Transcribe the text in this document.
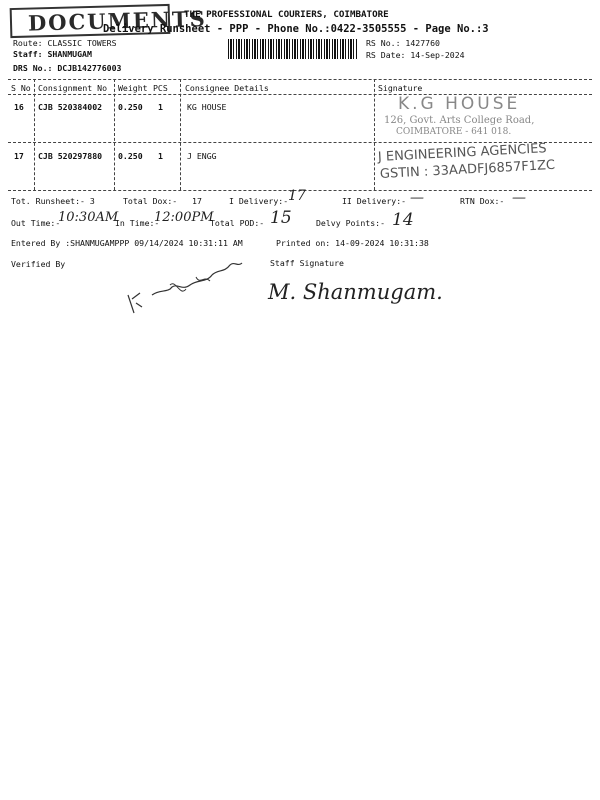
DOCUMENTS
THE PROFESSIONAL COURIERS, COIMBATORE
Delivery Runsheet - PPP - Phone No.:0422-3505555 - Page No.:3
Route: CLASSIC TOWERS
Staff: SHANMUGAM
DRS No.: DCJB142776003
RS No.: 1427760
RS Date: 14-Sep-2024
S No Consignment No Weight PCS Consignee Details	Signature
16 CJB 520384002 0.250 1	KG HOUSE	K.G HOUSE
126, Govt. Arts College Road,
COIMBATORE - 641 018.
17 CJB 520297880 0.250 1	J ENGG	J ENGINEERING AGENCIES
GSTIN : 33AADFJ6857F1ZC
Tot. Runsheet:- 3	Total Dox:-   17	I Delivery:- 17	II Delivery:- —	RTN Dox:- —
Out Time:-
10:30AM
In Time:-
12:00PM
Total POD:- 15	Delvy Points:- 14
Entered By :SHANMUGAMPPP 09/14/2024 10:31:11 AM	Printed on: 14-09-2024 10:31:38
Verified By	Staff Signature
M. Shanmugam.
